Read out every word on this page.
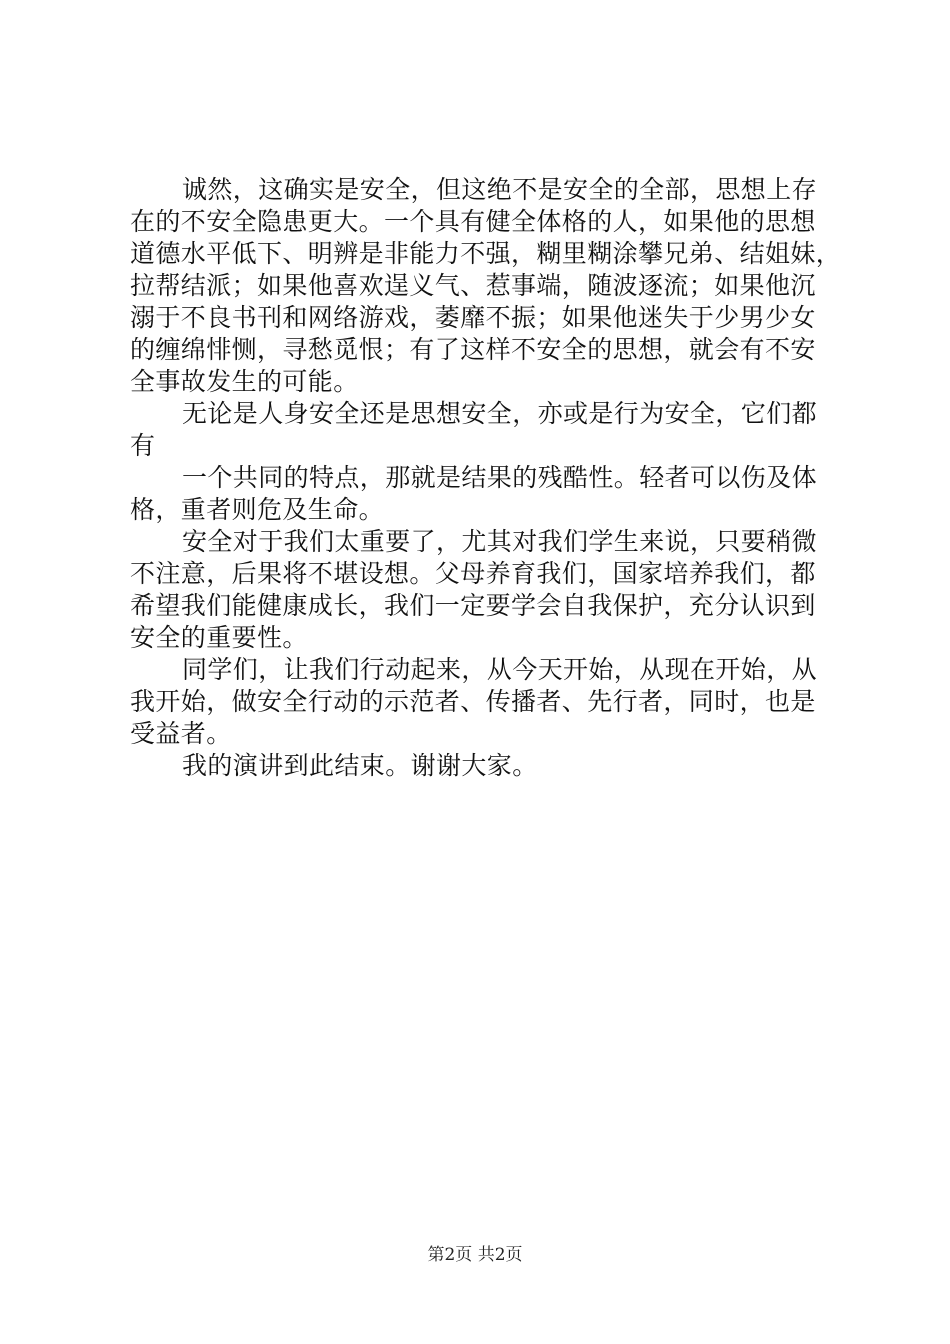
诚然，这确实是安全，但这绝不是安全的全部，思想上存
在的不安全隐患更大。一个具有健全体格的人，如果他的思想
道德水平低下、明辨是非能力不强，糊里糊涂攀兄弟、结姐妹，
拉帮结派；如果他喜欢逞义气、惹事端，随波逐流；如果他沉
溺于不良书刊和网络游戏，萎靡不振；如果他迷失于少男少女
的缠绵悱恻，寻愁觅恨；有了这样不安全的思想，就会有不安
全事故发生的可能。
无论是人身安全还是思想安全，亦或是行为安全，它们都
有
一个共同的特点，那就是结果的残酷性。轻者可以伤及体
格，重者则危及生命。
安全对于我们太重要了，尤其对我们学生来说，只要稍微
不注意，后果将不堪设想。父母养育我们，国家培养我们，都
希望我们能健康成长，我们一定要学会自我保护，充分认识到
安全的重要性。
同学们，让我们行动起来，从今天开始，从现在开始，从
我开始，做安全行动的示范者、传播者、先行者，同时，也是
受益者。
我的演讲到此结束。谢谢大家。
第2页 共2页
